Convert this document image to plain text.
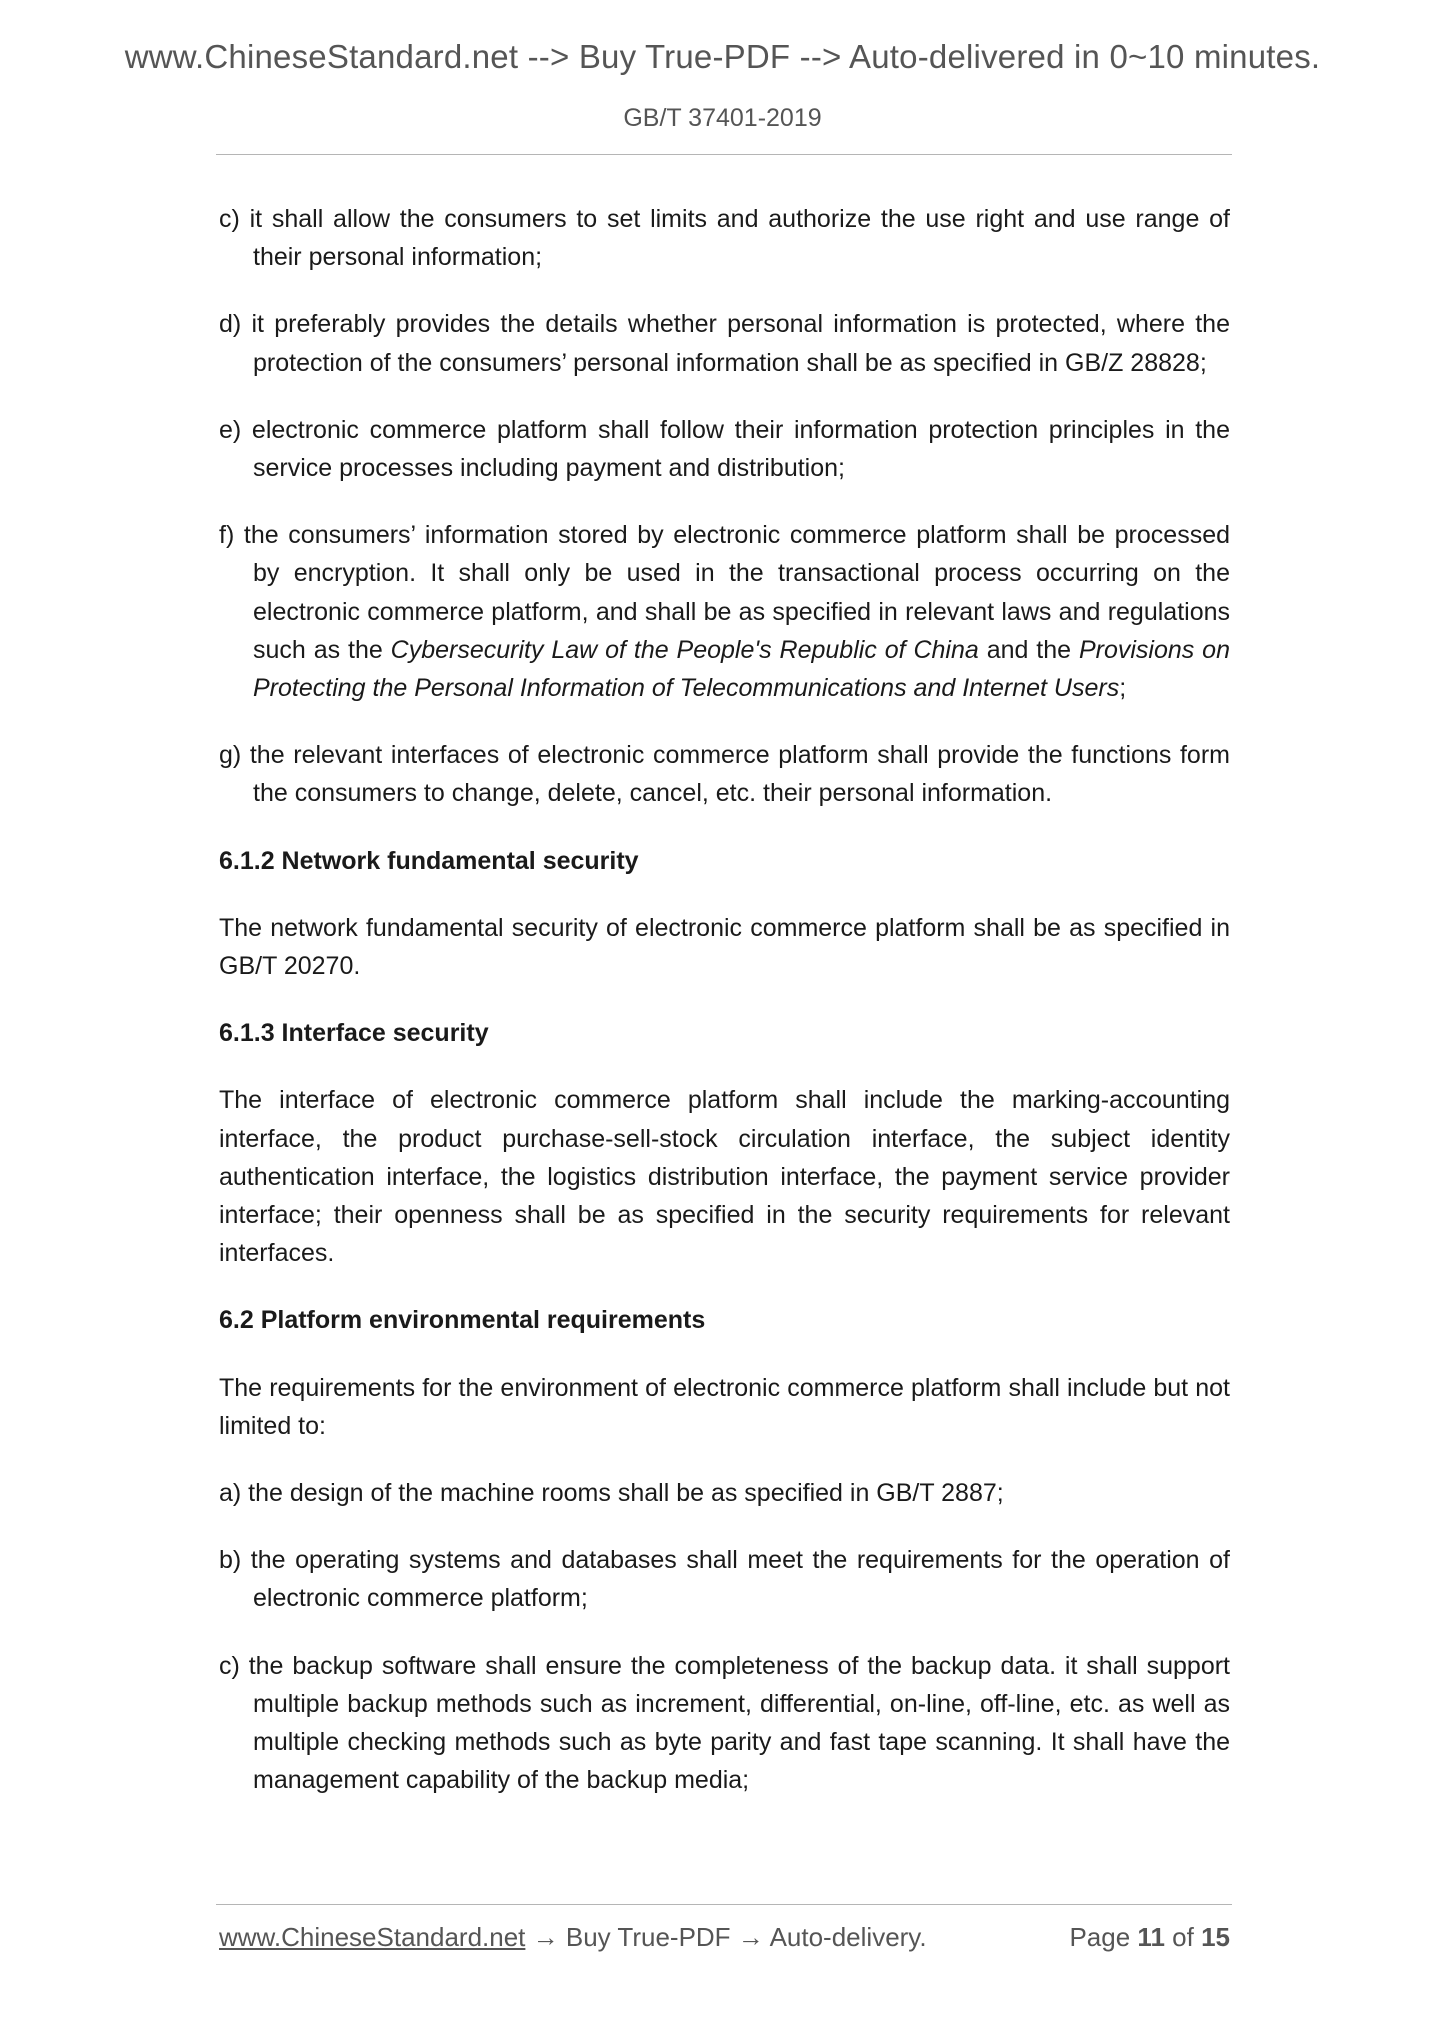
www.ChineseStandard.net --> Buy True-PDF --> Auto-delivered in 0~10 minutes.
GB/T 37401-2019

c) it shall allow the consumers to set limits and authorize the use right and use range of their personal information;

d) it preferably provides the details whether personal information is protected, where the protection of the consumers’ personal information shall be as specified in GB/Z 28828;

e) electronic commerce platform shall follow their information protection principles in the service processes including payment and distribution;

f) the consumers’ information stored by electronic commerce platform shall be processed by encryption. It shall only be used in the transactional process occurring on the electronic commerce platform, and shall be as specified in relevant laws and regulations such as the Cybersecurity Law of the People's Republic of China and the Provisions on Protecting the Personal Information of Telecommunications and Internet Users;

g) the relevant interfaces of electronic commerce platform shall provide the functions form the consumers to change, delete, cancel, etc. their personal information.

6.1.2 Network fundamental security

The network fundamental security of electronic commerce platform shall be as specified in GB/T 20270.

6.1.3 Interface security

The interface of electronic commerce platform shall include the marking-accounting interface, the product purchase-sell-stock circulation interface, the subject identity authentication interface, the logistics distribution interface, the payment service provider interface; their openness shall be as specified in the security requirements for relevant interfaces.

6.2 Platform environmental requirements

The requirements for the environment of electronic commerce platform shall include but not limited to:

a) the design of the machine rooms shall be as specified in GB/T 2887;

b) the operating systems and databases shall meet the requirements for the operation of electronic commerce platform;

c) the backup software shall ensure the completeness of the backup data. it shall support multiple backup methods such as increment, differential, on-line, off-line, etc. as well as multiple checking methods such as byte parity and fast tape scanning. It shall have the management capability of the backup media;

www.ChineseStandard.net → Buy True-PDF → Auto-delivery.	Page 11 of 15
